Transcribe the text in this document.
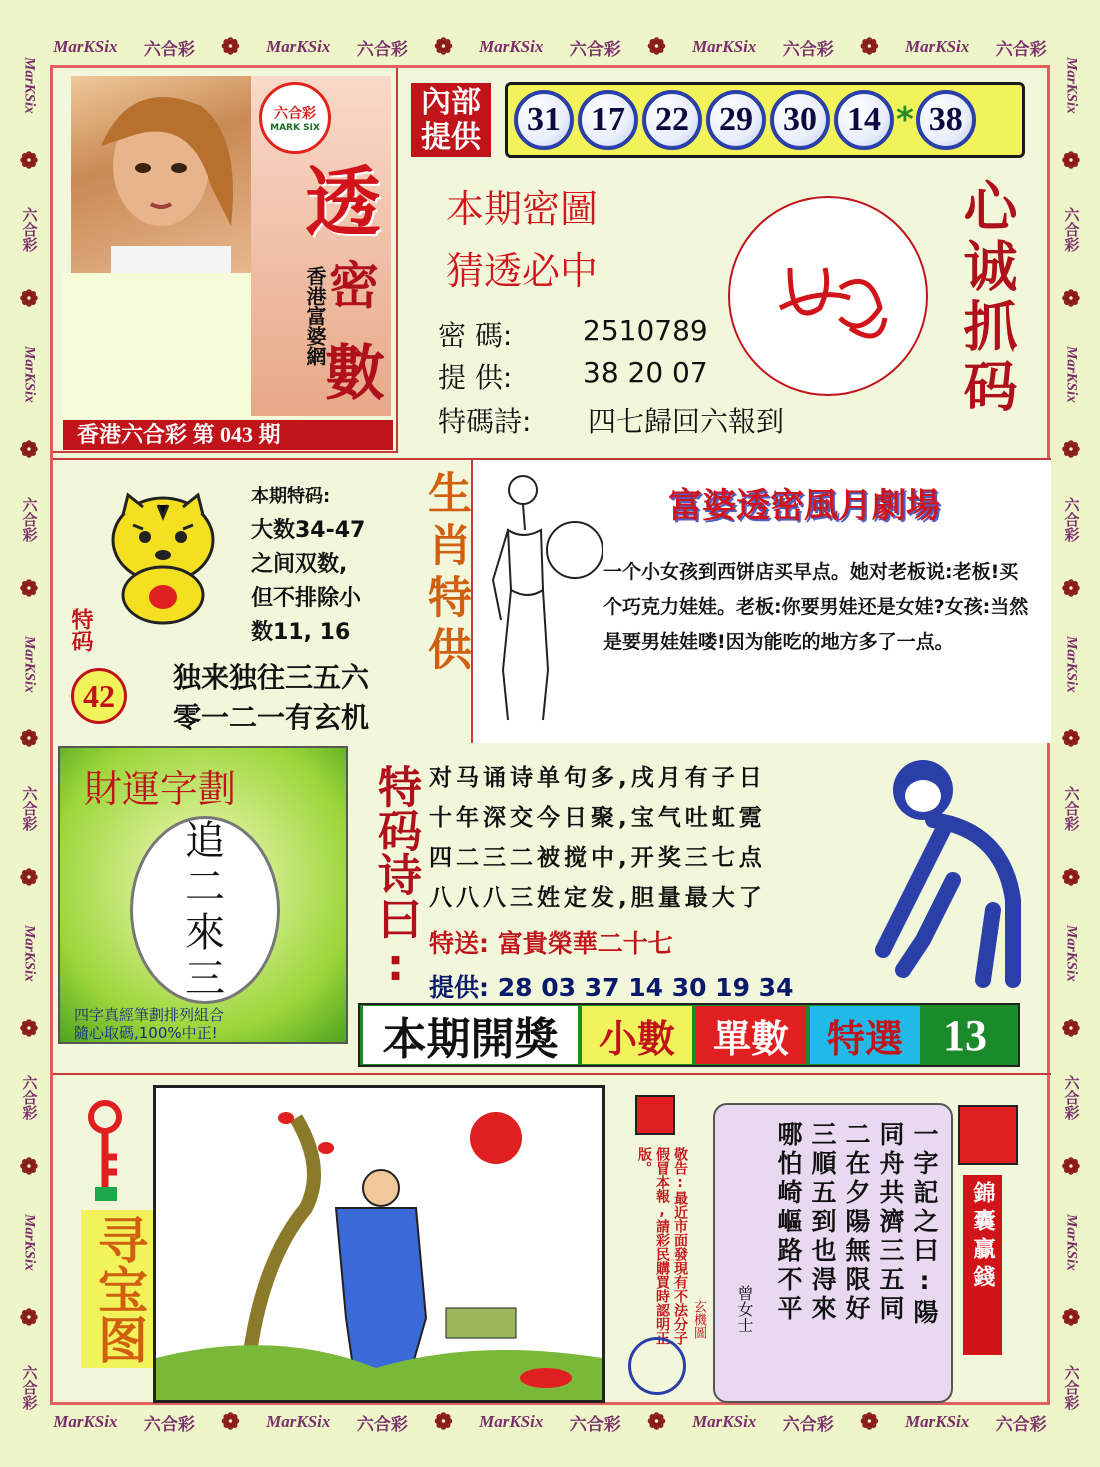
MarKSix 六合彩 ❁ MarKSix 六合彩 ❁ MarKSix 六合彩 ❁ MarKSix 六合彩 ❁ MarKSix 六合彩
MarKSix 六合彩 ❁ MarKSix 六合彩 ❁ MarKSix 六合彩 ❁ MarKSix 六合彩 ❁ MarKSix 六合彩
MarKSix
❁
六合彩
❁
MarKSix
❁
六合彩
❁
MarKSix
❁
六合彩
❁
MarKSix
❁
六合彩
❁
MarKSix
❁
六合彩
MarKSix
❁
六合彩
❁
MarKSix
❁
六合彩
❁
MarKSix
❁
六合彩
❁
MarKSix
❁
六合彩
❁
MarKSix
❁
六合彩
六合彩
MARK SIX
透
密
數
香港富婆網
香港六合彩 第 043 期
內部提供	31 17 22 29 30 14 * 38
本期密圖
猜透必中
密 碼:	2510789
提 供:	38 20 07
特碼詩: 四七歸回六報到
心诚抓码
特码
42
本期特码:
大数34-47
之间双数,
但不排除小
数11, 16
独来独往三五六
零一二一有玄机
生肖特供	富婆透密風月劇場
一个小女孩到西饼店买早点。她对老板说:老板!买个巧克力娃娃。老板:你要男娃还是女娃?女孩:当然是要男娃娃喽!因为能吃的地方多了一点。
財運字劃
追
二
來
三
四字真經筆劃排列組合
隨心取碼,100%中正!
特码诗曰: 对马诵诗单句多,戌月有子日
十年深交今日聚,宝气吐虹霓
四二三二被搅中,开奖三七点
八八八三姓定发,胆量最大了
特送: 富貴榮華二十七
提供: 28 03 37 14 30 19 34
本期開獎	小數 單數 特選 13
寻宝图	敬告:最近市面發現有不法分子假冒本報,請彩民購買時認明正版。
玄機圖	一字記之曰:陽 同舟共濟三五同 二在夕陽無限好 三順五到也淂來 哪怕崎嶇路不平
曾女士
錦囊贏錢
